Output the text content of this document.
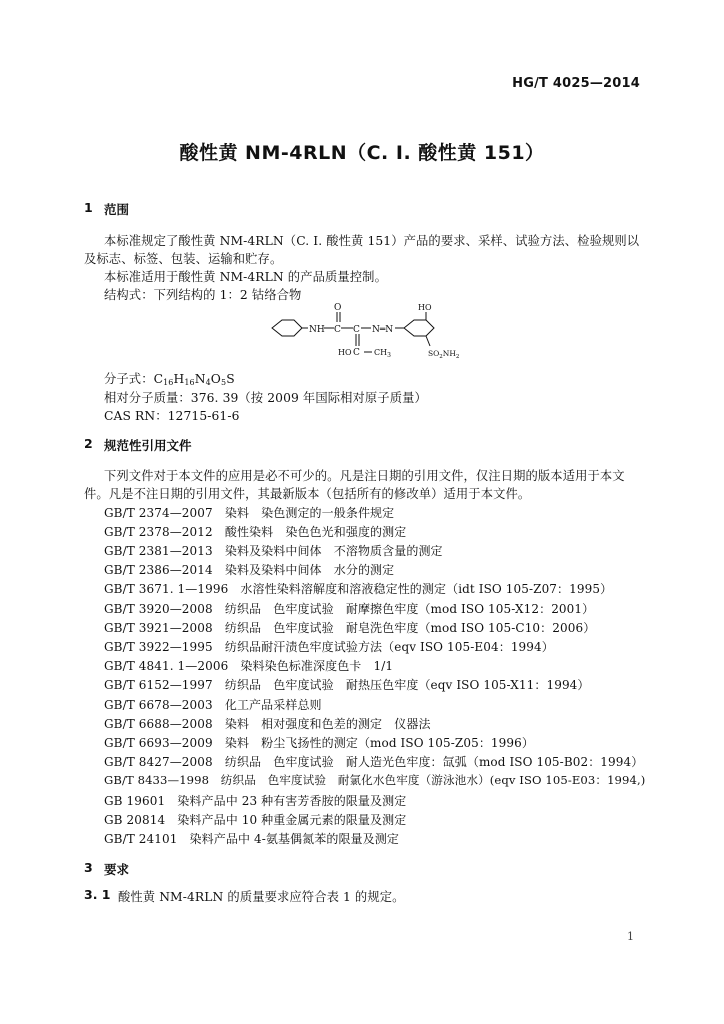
HG/T 4025—2014
酸性黄 NM-4RLN（C. I. 酸性黄 151）
1 范围
本标准规定了酸性黄 NM-4RLN（C. I. 酸性黄 151）产品的要求、采样、试验方法、检验规则以
及标志、标签、包装、运输和贮存。
本标准适用于酸性黄 NM-4RLN 的产品质量控制。
结构式：下列结构的 1：2 钴络合物
NH C
O
C N═N
HO
HO C $CH_3$	$SO_2NH_2$
分子式：$C_{16}H_{16}N_4O_5S$
相对分子质量：376. 39（按 2009 年国际相对原子质量）
CAS RN：12715-61-6
2 规范性引用文件
下列文件对于本文件的应用是必不可少的。凡是注日期的引用文件，仅注日期的版本适用于本文
件。凡是不注日期的引用文件，其最新版本（包括所有的修改单）适用于本文件。
GB/T 2374—2007　染料　染色测定的一般条件规定
GB/T 2378—2012　酸性染料　染色色光和强度的测定
GB/T 2381—2013　染料及染料中间体　不溶物质含量的测定
GB/T 2386—2014　染料及染料中间体　水分的测定
GB/T 3671. 1—1996　水溶性染料溶解度和溶液稳定性的测定（idt ISO 105-Z07：1995）
GB/T 3920—2008　纺织品　色牢度试验　耐摩擦色牢度（mod ISO 105-X12：2001）
GB/T 3921—2008　纺织品　色牢度试验　耐皂洗色牢度（mod ISO 105-C10：2006）
GB/T 3922—1995　纺织品耐汗渍色牢度试验方法（eqv ISO 105-E04：1994）
GB/T 4841. 1—2006　染料染色标准深度色卡　1/1
GB/T 6152—1997　纺织品　色牢度试验　耐热压色牢度（eqv ISO 105-X11：1994）
GB/T 6678—2003　化工产品采样总则
GB/T 6688—2008　染料　相对强度和色差的测定　仪器法
GB/T 6693—2009　染料　粉尘飞扬性的测定（mod ISO 105-Z05：1996）
GB/T 8427—2008　纺织品　色牢度试验　耐人造光色牢度：氙弧（mod ISO 105-B02：1994）
GB/T 8433—1998　纺织品　色牢度试验　耐氯化水色牢度（游泳池水）(eqv ISO 105-E03：1994,)
GB 19601　染料产品中 23 种有害芳香胺的限量及测定
GB 20814　染料产品中 10 种重金属元素的限量及测定
GB/T 24101　染料产品中 4-氨基偶氮苯的限量及测定
3 要求
3. 1 酸性黄 NM-4RLN 的质量要求应符合表 1 的规定。
1
